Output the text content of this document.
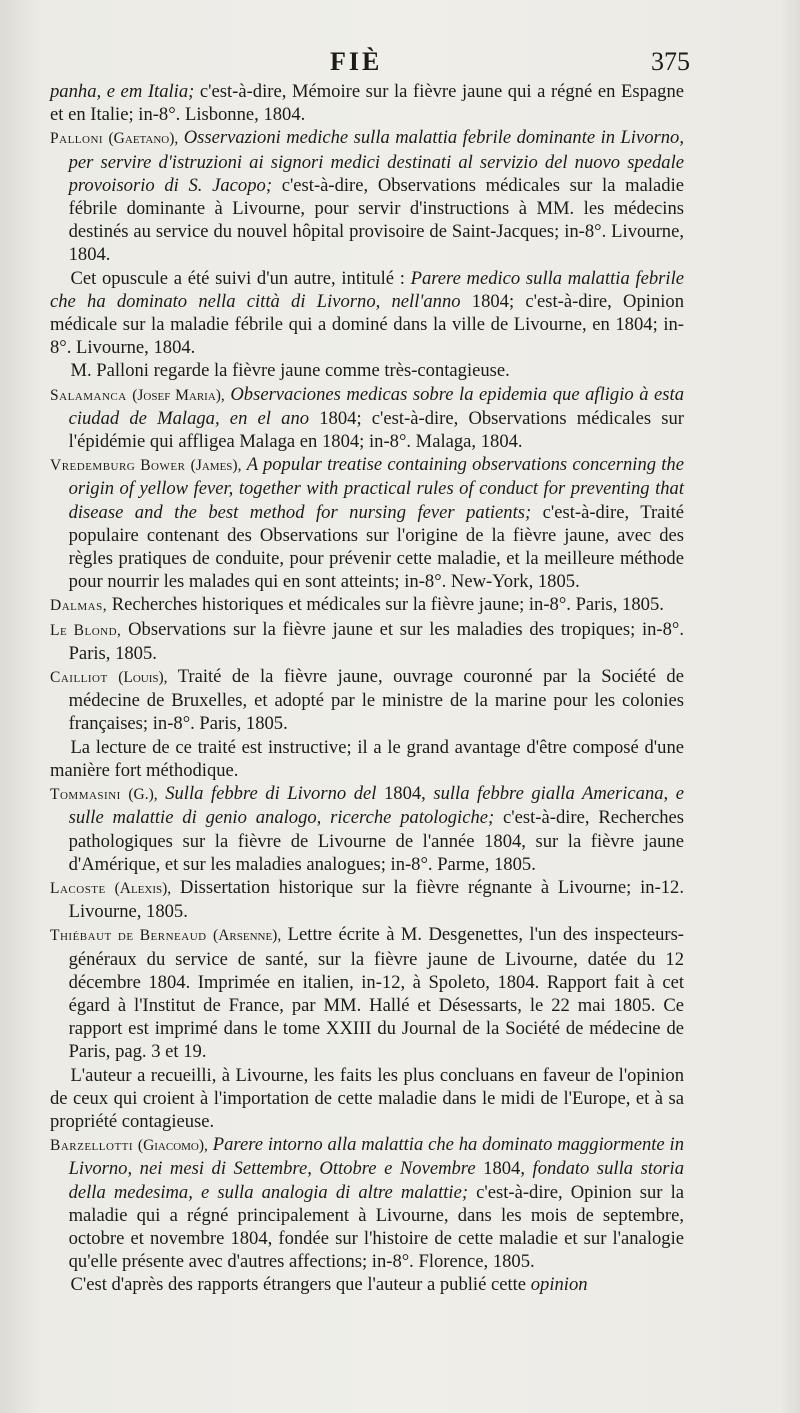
FIÈ	375

panha, e em Italia; c'est-à-dire, Mémoire sur la fièvre jaune qui a régné en Espagne et en Italie; in-8°. Lisbonne, 1804.

Palloni (Gaetano), Osservazioni mediche sulla malattia febrile dominante in Livorno, per servire d'istruzioni ai signori medici destinati al servizio del nuovo spedale provoisorio di S. Jacopo; c'est-à-dire, Observations médicales sur la maladie fébrile dominante à Livourne, pour servir d'instructions à MM. les médecins destinés au service du nouvel hôpital provisoire de Saint-Jacques; in-8°. Livourne, 1804.

Cet opuscule a été suivi d'un autre, intitulé : Parere medico sulla malattia febrile che ha dominato nella città di Livorno, nell'anno 1804; c'est-à-dire, Opinion médicale sur la maladie fébrile qui a dominé dans la ville de Livourne, en 1804; in-8°. Livourne, 1804.

M. Palloni regarde la fièvre jaune comme très-contagieuse.

Salamanca (Josef Maria), Observaciones medicas sobre la epidemia que afligio à esta ciudad de Malaga, en el ano 1804; c'est-à-dire, Observations médicales sur l'épidémie qui affligea Malaga en 1804; in-8°. Malaga, 1804.

Vredemburg Bower (James), A popular treatise containing observations concerning the origin of yellow fever, together with practical rules of conduct for preventing that disease and the best method for nursing fever patients; c'est-à-dire, Traité populaire contenant des Observations sur l'origine de la fièvre jaune, avec des règles pratiques de conduite, pour prévenir cette maladie, et la meilleure méthode pour nourrir les malades qui en sont atteints; in-8°. New-York, 1805.

Dalmas, Recherches historiques et médicales sur la fièvre jaune; in-8°. Paris, 1805.

Le Blond, Observations sur la fièvre jaune et sur les maladies des tropiques; in-8°. Paris, 1805.

Cailliot (Louis), Traité de la fièvre jaune, ouvrage couronné par la Société de médecine de Bruxelles, et adopté par le ministre de la marine pour les colonies françaises; in-8°. Paris, 1805.

La lecture de ce traité est instructive; il a le grand avantage d'être composé d'une manière fort méthodique.

Tommasini (G.), Sulla febbre di Livorno del 1804, sulla febbre gialla Americana, e sulle malattie di genio analogo, ricerche patologiche; c'est-à-dire, Recherches pathologiques sur la fièvre de Livourne de l'année 1804, sur la fièvre jaune d'Amérique, et sur les maladies analogues; in-8°. Parme, 1805.

Lacoste (Alexis), Dissertation historique sur la fièvre régnante à Livourne; in-12. Livourne, 1805.

Thiébaut de Berneaud (Arsenne), Lettre écrite à M. Desgenettes, l'un des inspecteurs-généraux du service de santé, sur la fièvre jaune de Livourne, datée du 12 décembre 1804. Imprimée en italien, in-12, à Spoleto, 1804. Rapport fait à cet égard à l'Institut de France, par MM. Hallé et Désessarts, le 22 mai 1805. Ce rapport est imprimé dans le tome XXIII du Journal de la Société de médecine de Paris, pag. 3 et 19.

L'auteur a recueilli, à Livourne, les faits les plus concluans en faveur de l'opinion de ceux qui croient à l'importation de cette maladie dans le midi de l'Europe, et à sa propriété contagieuse.

Barzellotti (Giacomo), Parere intorno alla malattia che ha dominato maggiormente in Livorno, nei mesi di Settembre, Ottobre e Novembre 1804, fondato sulla storia della medesima, e sulla analogia di altre malattie; c'est-à-dire, Opinion sur la maladie qui a régné principalement à Livourne, dans les mois de septembre, octobre et novembre 1804, fondée sur l'histoire de cette maladie et sur l'analogie qu'elle présente avec d'autres affections; in-8°. Florence, 1805.

C'est d'après des rapports étrangers que l'auteur a publié cette opinion
